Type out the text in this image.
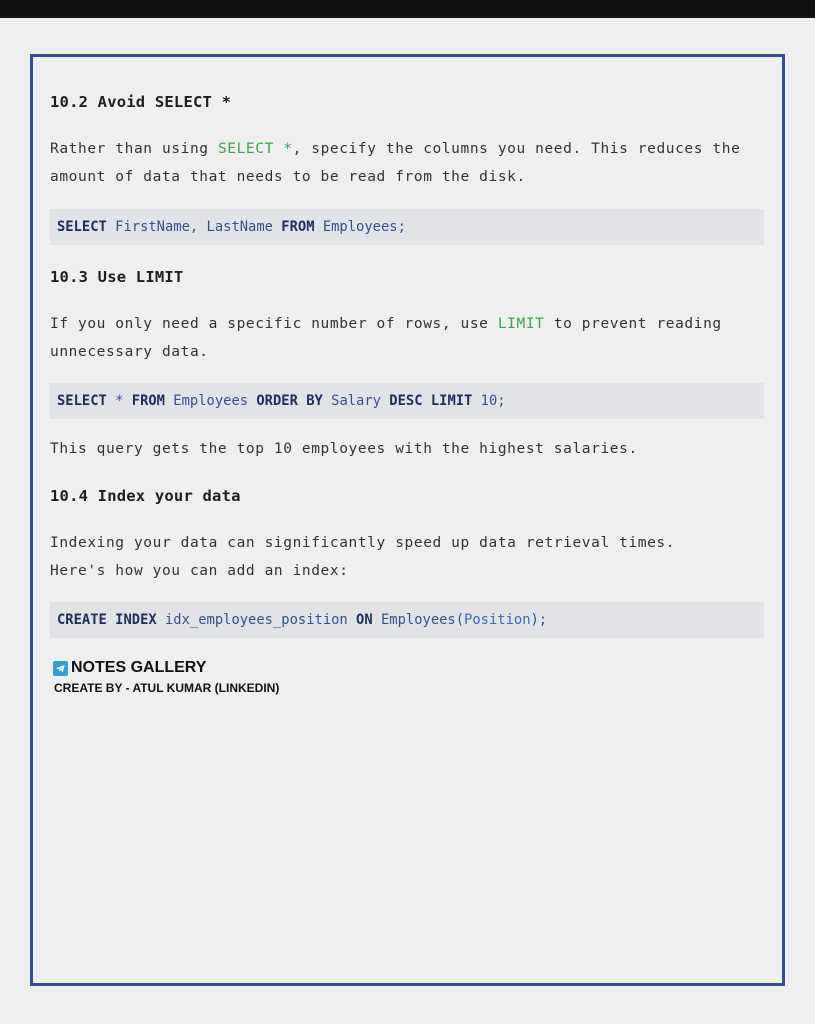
10.2 Avoid SELECT *

Rather than using SELECT *, specify the columns you need. This reduces the amount of data that needs to be read from the disk.

SELECT FirstName, LastName FROM Employees;
10.3 Use LIMIT

If you only need a specific number of rows, use LIMIT to prevent reading unnecessary data.

SELECT * FROM Employees ORDER BY Salary DESC LIMIT 10;

This query gets the top 10 employees with the highest salaries.

10.4 Index your data

Indexing your data can significantly speed up data retrieval times.
Here's how you can add an index:

CREATE INDEX idx_employees_position ON Employees(Position);
NOTES GALLERY
CREATE BY - ATUL KUMAR (LINKEDIN)
